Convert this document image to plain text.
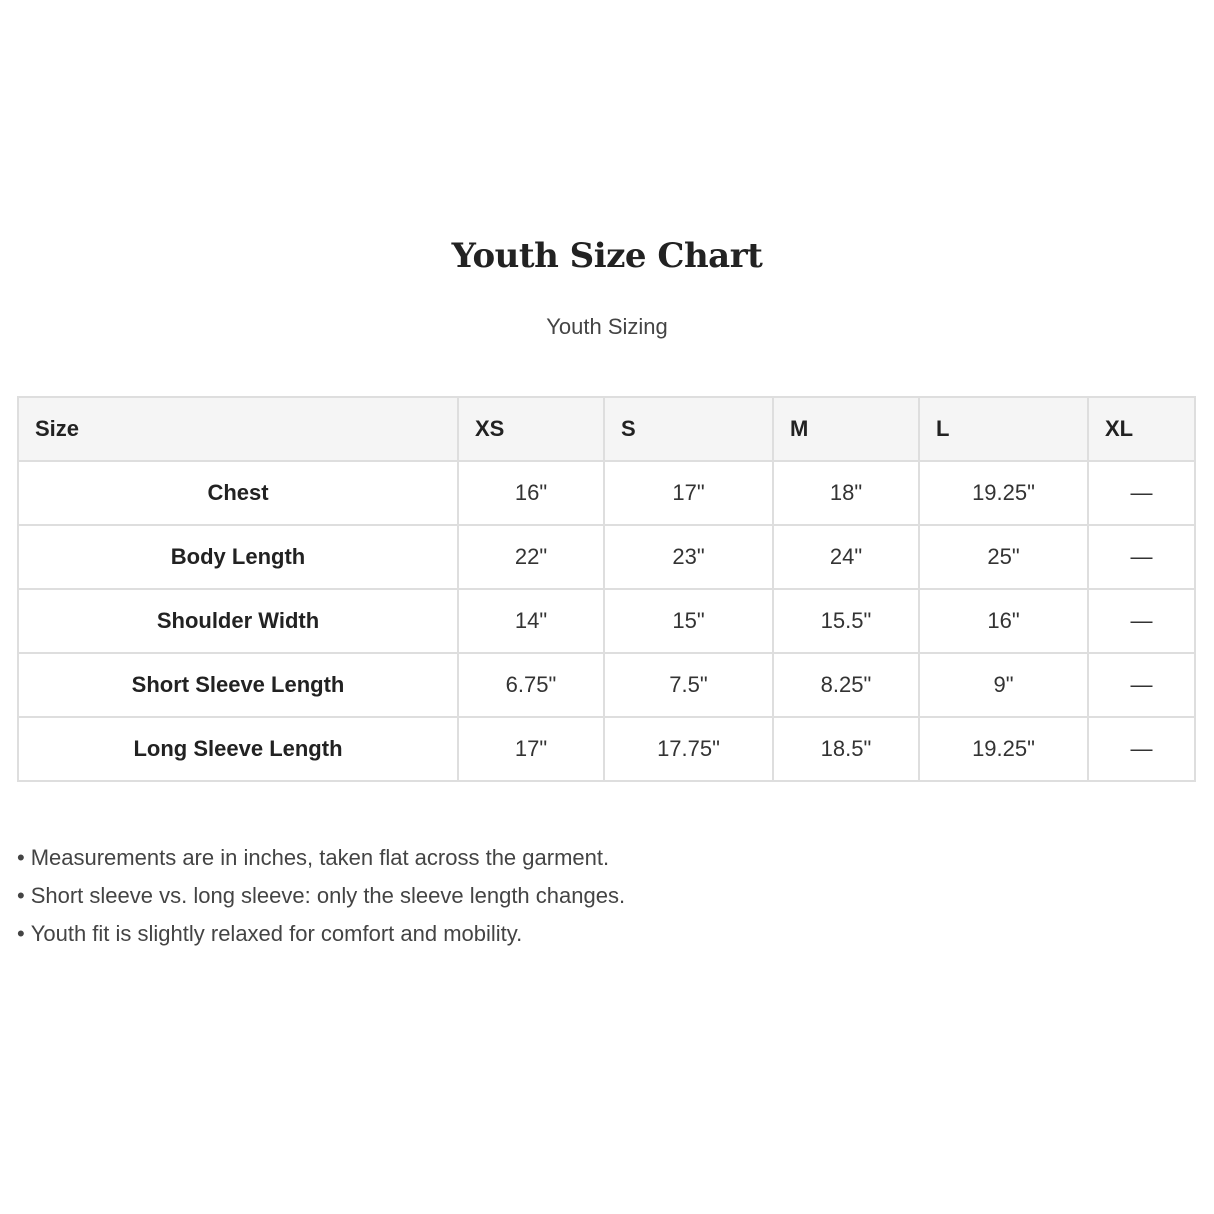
Youth Size Chart

Youth Sizing

Size	XS	S	M	L	XL
Chest	16"	17"	18"	19.25"	—
Body Length	22"	23"	24"	25"	—
Shoulder Width	14"	15"	15.5"	16"	—
Short Sleeve Length	6.75"	7.5"	8.25"	9"	—
Long Sleeve Length	17"	17.75"	18.5"	19.25"	—
• Measurements are in inches, taken flat across the garment.
• Short sleeve vs. long sleeve: only the sleeve length changes.
• Youth fit is slightly relaxed for comfort and mobility.
